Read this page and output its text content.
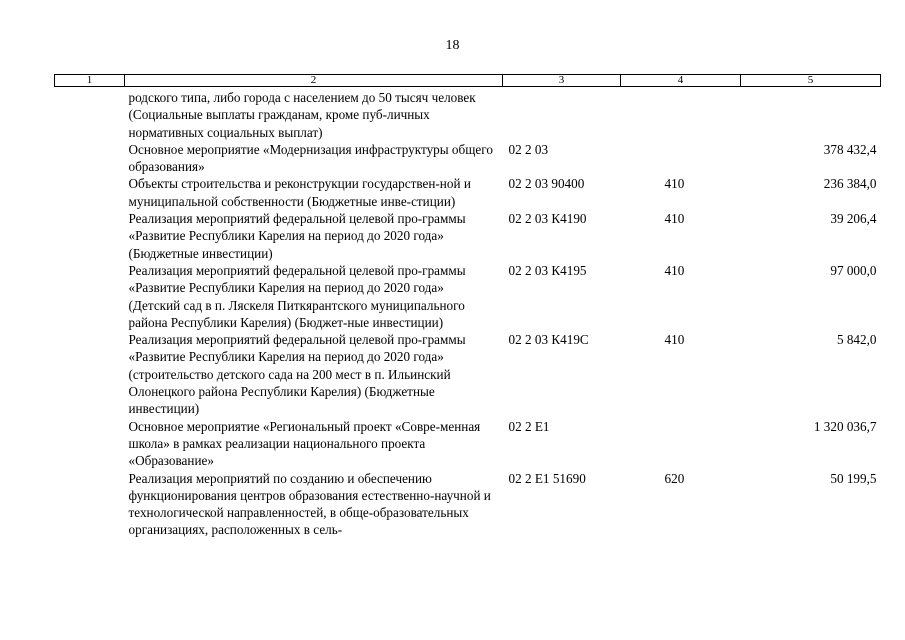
18
1	2	3	4	5
	родского типа, либо города с населением до 50 тысяч человек (Социальные выплаты гражданам, кроме пуб-личных нормативных социальных выплат)			
	Основное мероприятие «Модернизация инфраструктуры общего образования»	02 2 03		378 432,4
	Объекты строительства и реконструкции государствен-ной и муниципальной собственности (Бюджетные инве-стиции)	02 2 03 90400	410	236 384,0
	Реализация мероприятий федеральной целевой про-граммы «Развитие Республики Карелия на период до 2020 года» (Бюджетные инвестиции)	02 2 03 К4190	410	39 206,4
	Реализация мероприятий федеральной целевой про-граммы «Развитие Республики Карелия на период до 2020 года» (Детский сад в п. Ляскеля Питкярантского муниципального района Республики Карелия) (Бюджет-ные инвестиции)	02 2 03 К4195	410	97 000,0
	Реализация мероприятий федеральной целевой про-граммы «Развитие Республики Карелия на период до 2020 года» (строительство детского сада на 200 мест в п. Ильинский Олонецкого района Республики Карелия) (Бюджетные инвестиции)	02 2 03 К419С	410	5 842,0
	Основное мероприятие «Региональный проект «Совре-менная школа» в рамках реализации национального проекта «Образование»	02 2 E1		1 320 036,7
	Реализация мероприятий по созданию и обеспечению функционирования центров образования естественно-научной и технологической направленностей, в обще-образовательных организациях, расположенных в сель-	02 2 E1 51690	620	50 199,5
